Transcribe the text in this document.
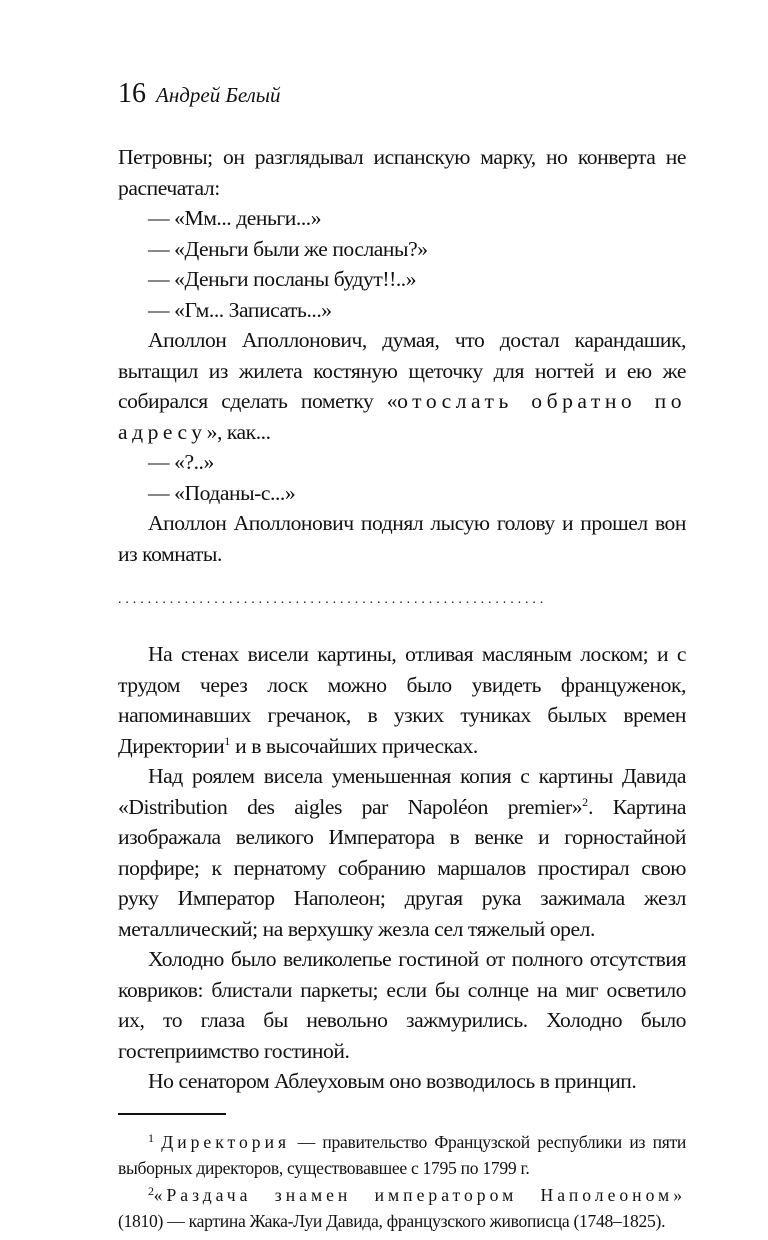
16 Андрей Белый

Петровны; он разглядывал испанскую марку, но конверта не распечатал:

— «Мм... деньги...»

— «Деньги были же посланы?»

— «Деньги посланы будут!!..»

— «Гм... Записать...»

Аполлон Аполлонович, думая, что достал карандашик, вытащил из жилета костяную щеточку для ногтей и ею же собирался сделать пометку «отослать обратно по адресу», как...

— «?..»

— «Поданы-с...»

Аполлон Аполлонович поднял лысую голову и прошел вон из комнаты.

..........................................................

На стенах висели картины, отливая масляным лоском; и с трудом через лоск можно было увидеть француженок, напоминавших гречанок, в узких туниках былых времен Директории$^1$ и в высочайших прическах.

Над роялем висела уменьшенная копия с картины Давида «Distribution des aigles par Napoléon premier»$^2$. Картина изображала великого Императора в венке и горностайной порфире; к пернатому собранию маршалов простирал свою руку Император Наполеон; другая рука зажимала жезл металлический; на верхушку жезла сел тяжелый орел.

Холодно было великолепье гостиной от полного отсутствия ковриков: блистали паркеты; если бы солнце на миг осветило их, то глаза бы невольно зажмурились. Холодно было гостеприимство гостиной.

Но сенатором Аблеуховым оно возводилось в принцип.

$^1$ Директория — правительство Французской республики из пяти выборных директоров, существовавшее с 1795 по 1799 г.

$^2$«Раздача знамен императором Наполеоном» (1810) — картина Жака-Луи Давида, французского живописца (1748–1825).
